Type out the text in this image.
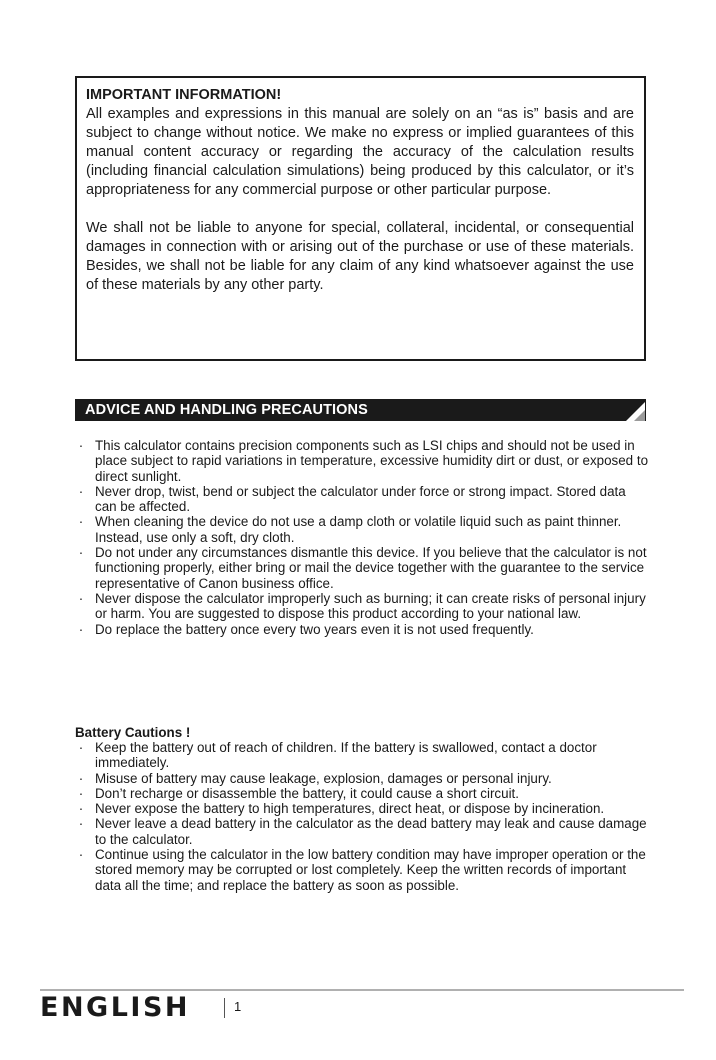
IMPORTANT INFORMATION!

All examples and expressions in this manual are solely on an “as is” basis and are subject to change without notice. We make no express or implied guarantees of this manual content accuracy or regarding the accuracy of the calculation results (including financial calculation simulations) being produced by this calculator, or it’s appropriateness for any commercial purpose or other particular purpose.

We shall not be liable to anyone for special, collateral, incidental, or consequential damages in connection with or arising out of the purchase or use of these materials. Besides, we shall not be liable for any claim of any kind whatsoever against the use of these materials by any other party.

ADVICE AND HANDLING PRECAUTIONS
· This calculator contains precision components such as LSI chips and should not be used in place subject to rapid variations in temperature, excessive humidity dirt or dust, or exposed to direct sunlight.
· Never drop, twist, bend or subject the calculator under force or strong impact. Stored data can be affected.
· When cleaning the device do not use a damp cloth or volatile liquid such as paint thinner. Instead, use only a soft, dry cloth.
· Do not under any circumstances dismantle this device. If you believe that the calculator is not functioning properly, either bring or mail the device together with the guarantee to the service representative of Canon business office.
· Never dispose the calculator improperly such as burning; it can create risks of personal injury or harm. You are suggested to dispose this product according to your national law.
· Do replace the battery once every two years even it is not used frequently.

Battery Cautions !

· Keep the battery out of reach of children. If the battery is swallowed, contact a doctor immediately.
· Misuse of battery may cause leakage, explosion, damages or personal injury.
· Don’t recharge or disassemble the battery, it could cause a short circuit.
· Never expose the battery to high temperatures, direct heat, or dispose by incineration.
· Never leave a dead battery in the calculator as the dead battery may leak and cause damage to the calculator.
· Continue using the calculator in the low battery condition may have improper operation or the stored memory may be corrupted or lost completely. Keep the written records of important data all the time; and replace the battery as soon as possible.
ENGLISH	1
